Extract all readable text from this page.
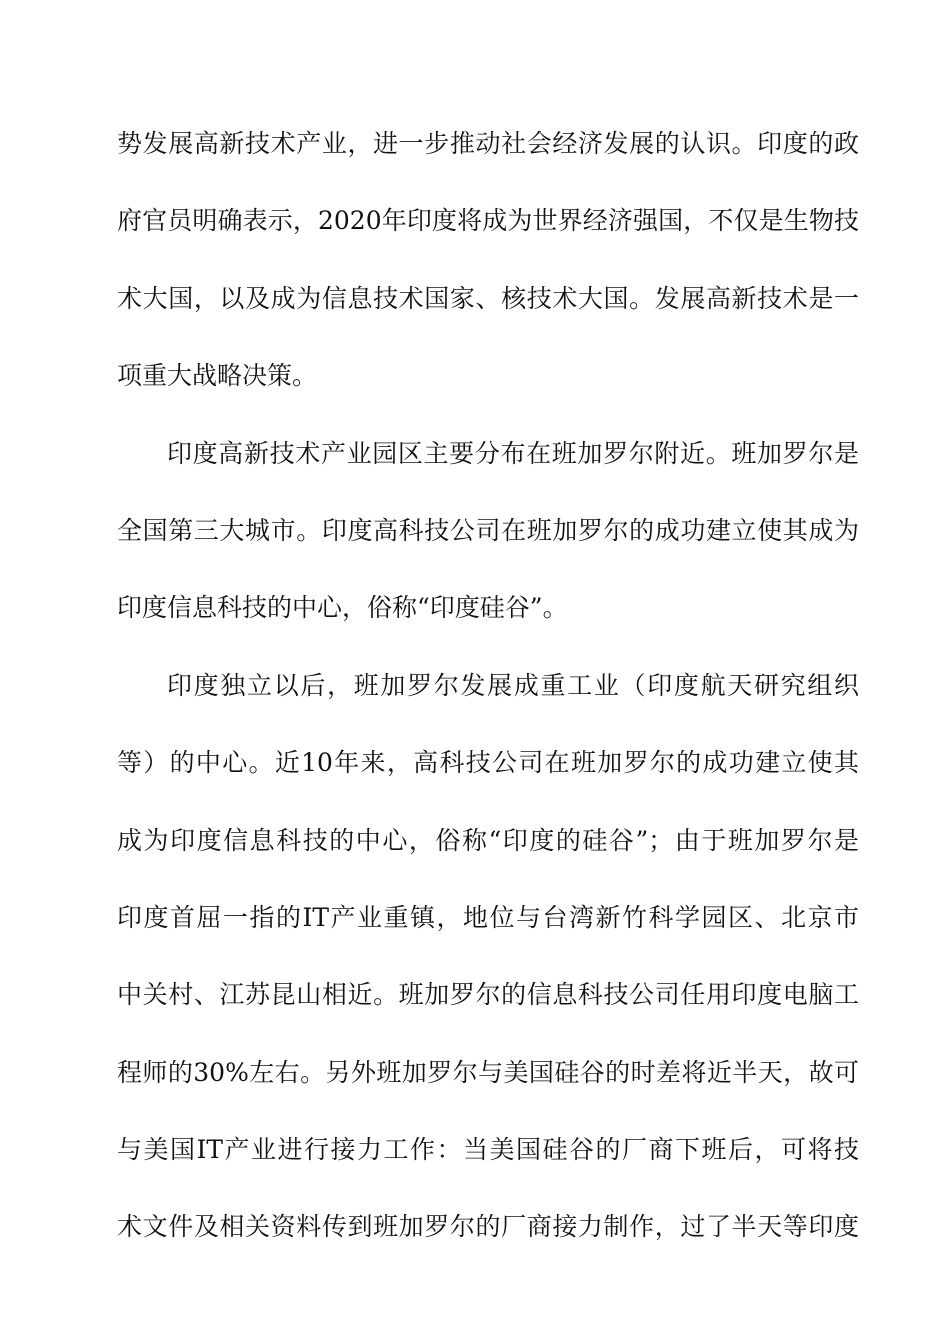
势发展高新技术产业，进一步推动社会经济发展的认识。印度的政
府官员明确表示，2020年印度将成为世界经济强国，不仅是生物技
术大国，以及成为信息技术国家、核技术大国。发展高新技术是一
项重大战略决策。
印度高新技术产业园区主要分布在班加罗尔附近。班加罗尔是
全国第三大城市。印度高科技公司在班加罗尔的成功建立使其成为
印度信息科技的中心，俗称“印度硅谷”。
印度独立以后，班加罗尔发展成重工业（印度航天研究组织
等）的中心。近10年来，高科技公司在班加罗尔的成功建立使其
成为印度信息科技的中心，俗称“印度的硅谷”；由于班加罗尔是
印度首屈一指的IT产业重镇，地位与台湾新竹科学园区、北京市
中关村、江苏昆山相近。班加罗尔的信息科技公司任用印度电脑工
程师的30%左右。另外班加罗尔与美国硅谷的时差将近半天，故可
与美国IT产业进行接力工作：当美国硅谷的厂商下班后，可将技
术文件及相关资料传到班加罗尔的厂商接力制作，过了半天等印度
